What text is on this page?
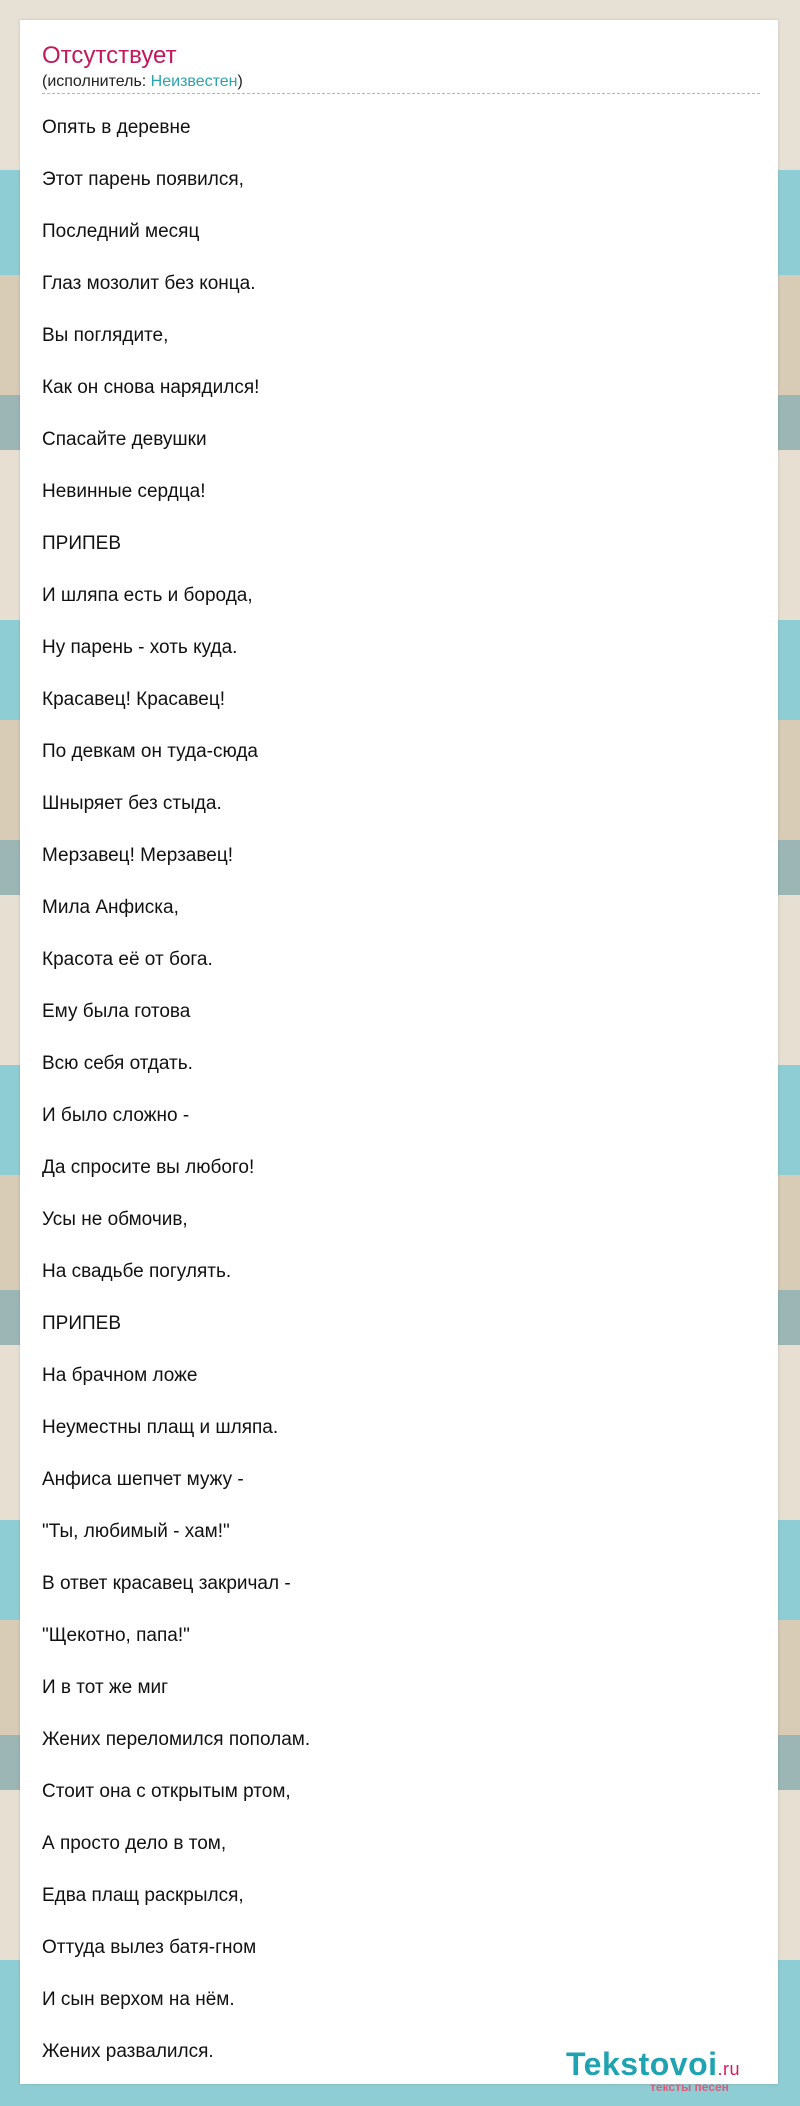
Отсутствует
(исполнитель: Неизвестен)
Опять в деревне
Этот парень появился,
Последний месяц
Глаз мозолит без конца.
Вы поглядите,
Как он снова нарядился!
Спасайте девушки
Невинные сердца!
ПРИПЕВ
И шляпа есть и борода,
Ну парень - хоть куда.
Красавец! Красавец!
По девкам он туда-сюда
Шныряет без стыда.
Мерзавец! Мерзавец!
Мила Анфиска,
Красота её от бога.
Ему была готова
Всю себя отдать.
И было сложно -
Да спросите вы любого!
Усы не обмочив,
На свадьбе погулять.
ПРИПЕВ
На брачном ложе
Неуместны плащ и шляпа.
Анфиса шепчет мужу -
"Ты, любимый - хам!"
В ответ красавец закричал -
"Щекотно, папа!"
И в тот же миг
Жених переломился пополам.
Стоит она с открытым ртом,
А просто дело в том,
Едва плащ раскрылся,
Оттуда вылез батя-гном
И сын верхом на нём.
Жених развалился.	Tekstovoi.ru
тексты песен
